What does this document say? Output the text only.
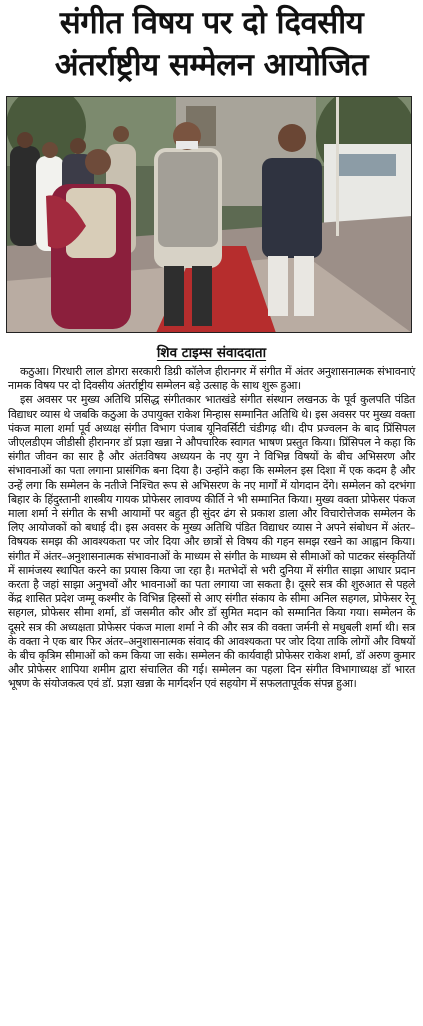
संगीत विषय पर दो दिवसीय
अंतर्राष्ट्रीय सम्मेलन आयोजित
शिव टाइम्स संवाददाता

कठुआ। गिरधारी लाल डोगरा सरकारी डिग्री कॉलेज हीरानगर में संगीत में अंतर अनुशासनात्मक संभावनाएं नामक विषय पर दो दिवसीय अंतर्राष्ट्रीय सम्मेलन बड़े उत्साह के साथ शुरू हुआ।

इस अवसर पर मुख्य अतिथि प्रसिद्ध संगीतकार भातखंडे संगीत संस्थान लखनऊ के पूर्व कुलपति पंडित विद्याधर व्यास थे जबकि कठुआ के उपायुक्त राकेश मिन्हास सम्मानित अतिथि थे। इस अवसर पर मुख्य वक्ता पंकज माला शर्मा पूर्व अध्यक्ष संगीत विभाग पंजाब यूनिवर्सिटी चंडीगढ़ थी। दीप प्रज्वलन के बाद प्रिंसिपल जीएलडीएम जीडीसी हीरानगर डॉ प्रज्ञा खन्ना ने औपचारिक स्वागत भाषण प्रस्तुत किया। प्रिंसिपल ने कहा कि संगीत जीवन का सार है और अंतःविषय अध्ययन के नए युग ने विभिन्न विषयों के बीच अभिसरण और संभावनाओं का पता लगाना प्रासंगिक बना दिया है। उन्होंने कहा कि सम्मेलन इस दिशा में एक कदम है और उन्हें लगा कि सम्मेलन के नतीजे निश्चित रूप से अभिसरण के नए मार्गों में योगदान देंगे। सम्मेलन को दरभंगा बिहार के हिंदुस्तानी शास्त्रीय गायक प्रोफेसर लावण्य कीर्ति ने भी सम्मानित किया। मुख्य वक्ता प्रोफेसर पंकज माला शर्मा ने संगीत के सभी आयामों पर बहुत ही सुंदर ढंग से प्रकाश डाला और विचारोत्तेजक सम्मेलन के लिए आयोजकों को बधाई दी। इस अवसर के मुख्य अतिथि पंडित विद्याधर व्यास ने अपने संबोधन में अंतर–विषयक समझ की आवश्यकता पर जोर दिया और छात्रों से विषय की गहन समझ रखने का आह्वान किया। संगीत में अंतर–अनुशासनात्मक संभावनाओं के माध्यम से संगीत के माध्यम से सीमाओं को पाटकर संस्कृतियों में सामंजस्य स्थापित करने का प्रयास किया जा रहा है। मतभेदों से भरी दुनिया में संगीत साझा आधार प्रदान करता है जहां साझा अनुभवों और भावनाओं का पता लगाया जा सकता है। दूसरे सत्र की शुरुआत से पहले केंद्र शासित प्रदेश जम्मू कश्मीर के विभिन्न हिस्सों से आए संगीत संकाय के सीमा अनिल सहगल, प्रोफेसर रेनू सहगल, प्रोफेसर सीमा शर्मा, डॉ जसमीत कौर और डॉ सुमित मदान को सम्मानित किया गया। सम्मेलन के दूसरे सत्र की अध्यक्षता प्रोफेसर पंकज माला शर्मा ने की और सत्र की वक्ता जर्मनी से मधुबली शर्मा थी। सत्र के वक्ता ने एक बार फिर अंतर–अनुशासनात्मक संवाद की आवश्यकता पर जोर दिया ताकि लोगों और विषयों के बीच कृत्रिम सीमाओं को कम किया जा सके। सम्मेलन की कार्यवाही प्रोफेसर राकेश शर्मा, डॉ अरुण कुमार और प्रोफेसर शापिया शमीम द्वारा संचालित की गई। सम्मेलन का पहला दिन संगीत विभागाध्यक्ष डॉ भारत भूषण के संयोजकत्व एवं डॉ. प्रज्ञा खन्ना के मार्गदर्शन एवं सहयोग में सफलतापूर्वक संपन्न हुआ।
